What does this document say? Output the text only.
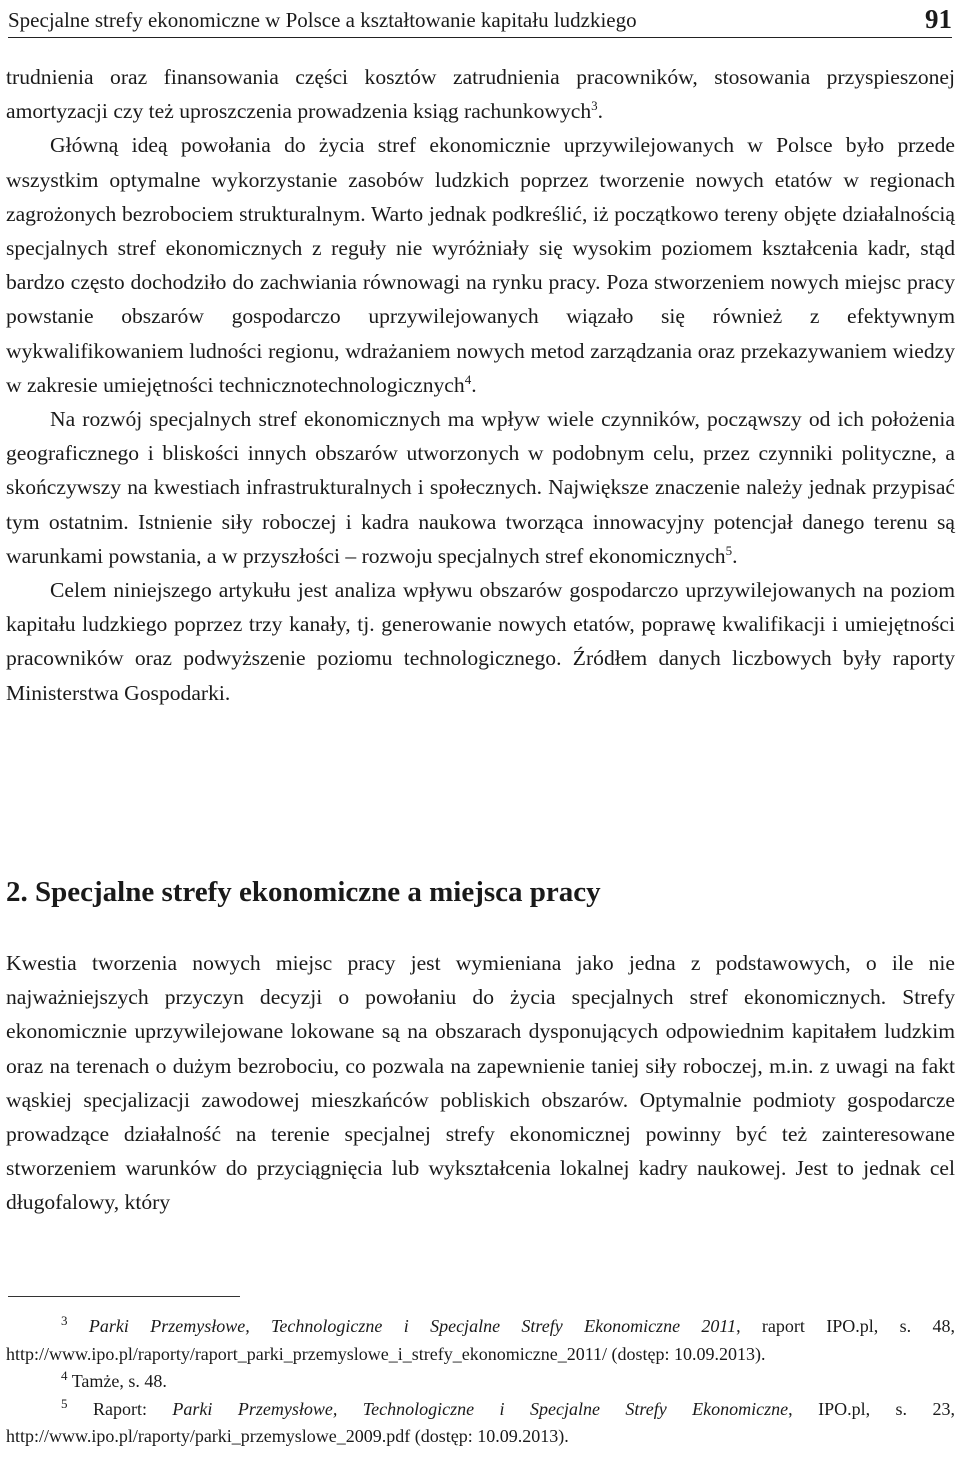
Specjalne strefy ekonomiczne w Polsce a kształtowanie kapitału ludzkiego	91

trudnienia oraz finansowania części kosztów zatrudnienia pracowników, stosowania przyspieszonej amortyzacji czy też uproszczenia prowadzenia ksiąg rachunkowych$^3$.

Główną ideą powołania do życia stref ekonomicznie uprzywilejowanych w Polsce było przede wszystkim optymalne wykorzystanie zasobów ludzkich poprzez tworzenie nowych etatów w regionach zagrożonych bezrobociem strukturalnym. Warto jednak podkreślić, iż początkowo tereny objęte działalnością specjalnych stref ekonomicznych z reguły nie wyróżniały się wysokim poziomem kształcenia kadr, stąd bardzo często dochodziło do zachwiania równowagi na rynku pracy. Poza stworzeniem nowych miejsc pracy powstanie obszarów gospodarczo uprzywilejowanych wiązało się również z efektywnym wykwalifikowaniem ludności regionu, wdrażaniem nowych metod zarządzania oraz przekazywaniem wiedzy w zakresie umiejętności technicznotechnologicznych$^4$.

Na rozwój specjalnych stref ekonomicznych ma wpływ wiele czynników, począwszy od ich położenia geograficznego i bliskości innych obszarów utworzonych w podobnym celu, przez czynniki polityczne, a skończywszy na kwestiach infrastrukturalnych i społecznych. Największe znaczenie należy jednak przypisać tym ostatnim. Istnienie siły roboczej i kadra naukowa tworząca innowacyjny potencjał danego terenu są warunkami powstania, a w przyszłości – rozwoju specjalnych stref ekonomicznych$^5$.

Celem niniejszego artykułu jest analiza wpływu obszarów gospodarczo uprzywilejowanych na poziom kapitału ludzkiego poprzez trzy kanały, tj. generowanie nowych etatów, poprawę kwalifikacji i umiejętności pracowników oraz podwyższenie poziomu technologicznego. Źródłem danych liczbowych były raporty Ministerstwa Gospodarki.

2. Specjalne strefy ekonomiczne a miejsca pracy

Kwestia tworzenia nowych miejsc pracy jest wymieniana jako jedna z podstawowych, o ile nie najważniejszych przyczyn decyzji o powołaniu do życia specjalnych stref ekonomicznych. Strefy ekonomicznie uprzywilejowane lokowane są na obszarach dysponujących odpowiednim kapitałem ludzkim oraz na terenach o dużym bezrobociu, co pozwala na zapewnienie taniej siły roboczej, m.in. z uwagi na fakt wąskiej specjalizacji zawodowej mieszkańców pobliskich obszarów. Optymalnie podmioty gospodarcze prowadzące działalność na terenie specjalnej strefy ekonomicznej powinny być też zainteresowane stworzeniem warunków do przyciągnięcia lub wykształcenia lokalnej kadry naukowej. Jest to jednak cel długofalowy, który

$^3$ Parki Przemysłowe, Technologiczne i Specjalne Strefy Ekonomiczne 2011, raport IPO.pl, s. 48, http://www.ipo.pl/raporty/raport_parki_przemyslowe_i_strefy_ekonomiczne_2011/ (dostęp: 10.09.2013).

$^4$ Tamże, s. 48.

$^5$ Raport: Parki Przemysłowe, Technologiczne i Specjalne Strefy Ekonomiczne, IPO.pl, s. 23, http://www.ipo.pl/raporty/parki_przemyslowe_2009.pdf (dostęp: 10.09.2013).
